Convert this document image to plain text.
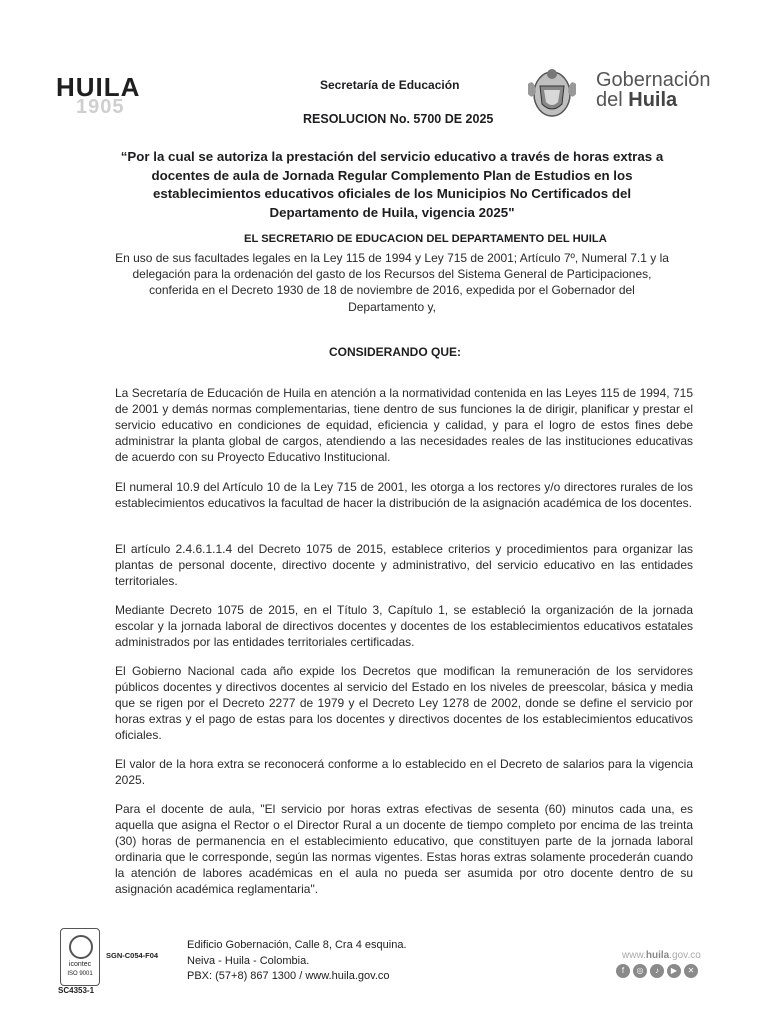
HUILA
1905
Secretaría de Educación
RESOLUCION No. 5700 DE 2025
Gobernación
del Huila
“Por la cual se autoriza la prestación del servicio educativo a través de horas extras a docentes de aula de Jornada Regular Complemento Plan de Estudios en los establecimientos educativos oficiales de los Municipios No Certificados del Departamento de Huila, vigencia 2025"
EL SECRETARIO DE EDUCACION DEL DEPARTAMENTO DEL HUILA
En uso de sus facultades legales en la Ley 115 de 1994 y Ley 715 de 2001; Artículo 7º, Numeral 7.1 y la delegación para la ordenación del gasto de los Recursos del Sistema General de Participaciones, conferida en el Decreto 1930 de 18 de noviembre de 2016, expedida por el Gobernador del Departamento y,
CONSIDERANDO QUE:
La Secretaría de Educación de Huila en atención a la normatividad contenida en las Leyes 115 de 1994, 715 de 2001 y demás normas complementarias, tiene dentro de sus funciones la de dirigir, planificar y prestar el servicio educativo en condiciones de equidad, eficiencia y calidad, y para el logro de estos fines debe administrar la planta global de cargos, atendiendo a las necesidades reales de las instituciones educativas de acuerdo con su Proyecto Educativo Institucional.
El numeral 10.9 del Artículo 10 de la Ley 715 de 2001, les otorga a los rectores y/o directores rurales de los establecimientos educativos la facultad de hacer la distribución de la asignación académica de los docentes.
El artículo 2.4.6.1.1.4 del Decreto 1075 de 2015, establece criterios y procedimientos para organizar las plantas de personal docente, directivo docente y administrativo, del servicio educativo en las entidades territoriales.
Mediante Decreto 1075 de 2015, en el Título 3, Capítulo 1, se estableció la organización de la jornada escolar y la jornada laboral de directivos docentes y docentes de los establecimientos educativos estatales administrados por las entidades territoriales certificadas.
El Gobierno Nacional cada año expide los Decretos que modifican la remuneración de los servidores públicos docentes y directivos docentes al servicio del Estado en los niveles de preescolar, básica y media que se rigen por el Decreto 2277 de 1979 y el Decreto Ley 1278 de 2002, donde se define el servicio por horas extras y el pago de estas para los docentes y directivos docentes de los establecimientos educativos oficiales.
El valor de la hora extra se reconocerá conforme a lo establecido en el Decreto de salarios para la vigencia 2025.
Para el docente de aula, "El servicio por horas extras efectivas de sesenta (60) minutos cada una, es aquella que asigna el Rector o el Director Rural a un docente de tiempo completo por encima de las treinta (30) horas de permanencia en el establecimiento educativo, que constituyen parte de la jornada laboral ordinaria que le corresponde, según las normas vigentes. Estas horas extras solamente procederán cuando la atención de labores académicas en el aula no pueda ser asumida por otro docente dentro de su asignación académica reglamentaria".
icontec
ISO 9001
SGN-C054-F04
SC4353-1
Edificio Gobernación, Calle 8, Cra 4 esquina.
Neiva - Huila - Colombia.
PBX: (57+8) 867 1300 / www.huila.gov.co
www.huila.gov.co
f	◎	♪	▶	✕
